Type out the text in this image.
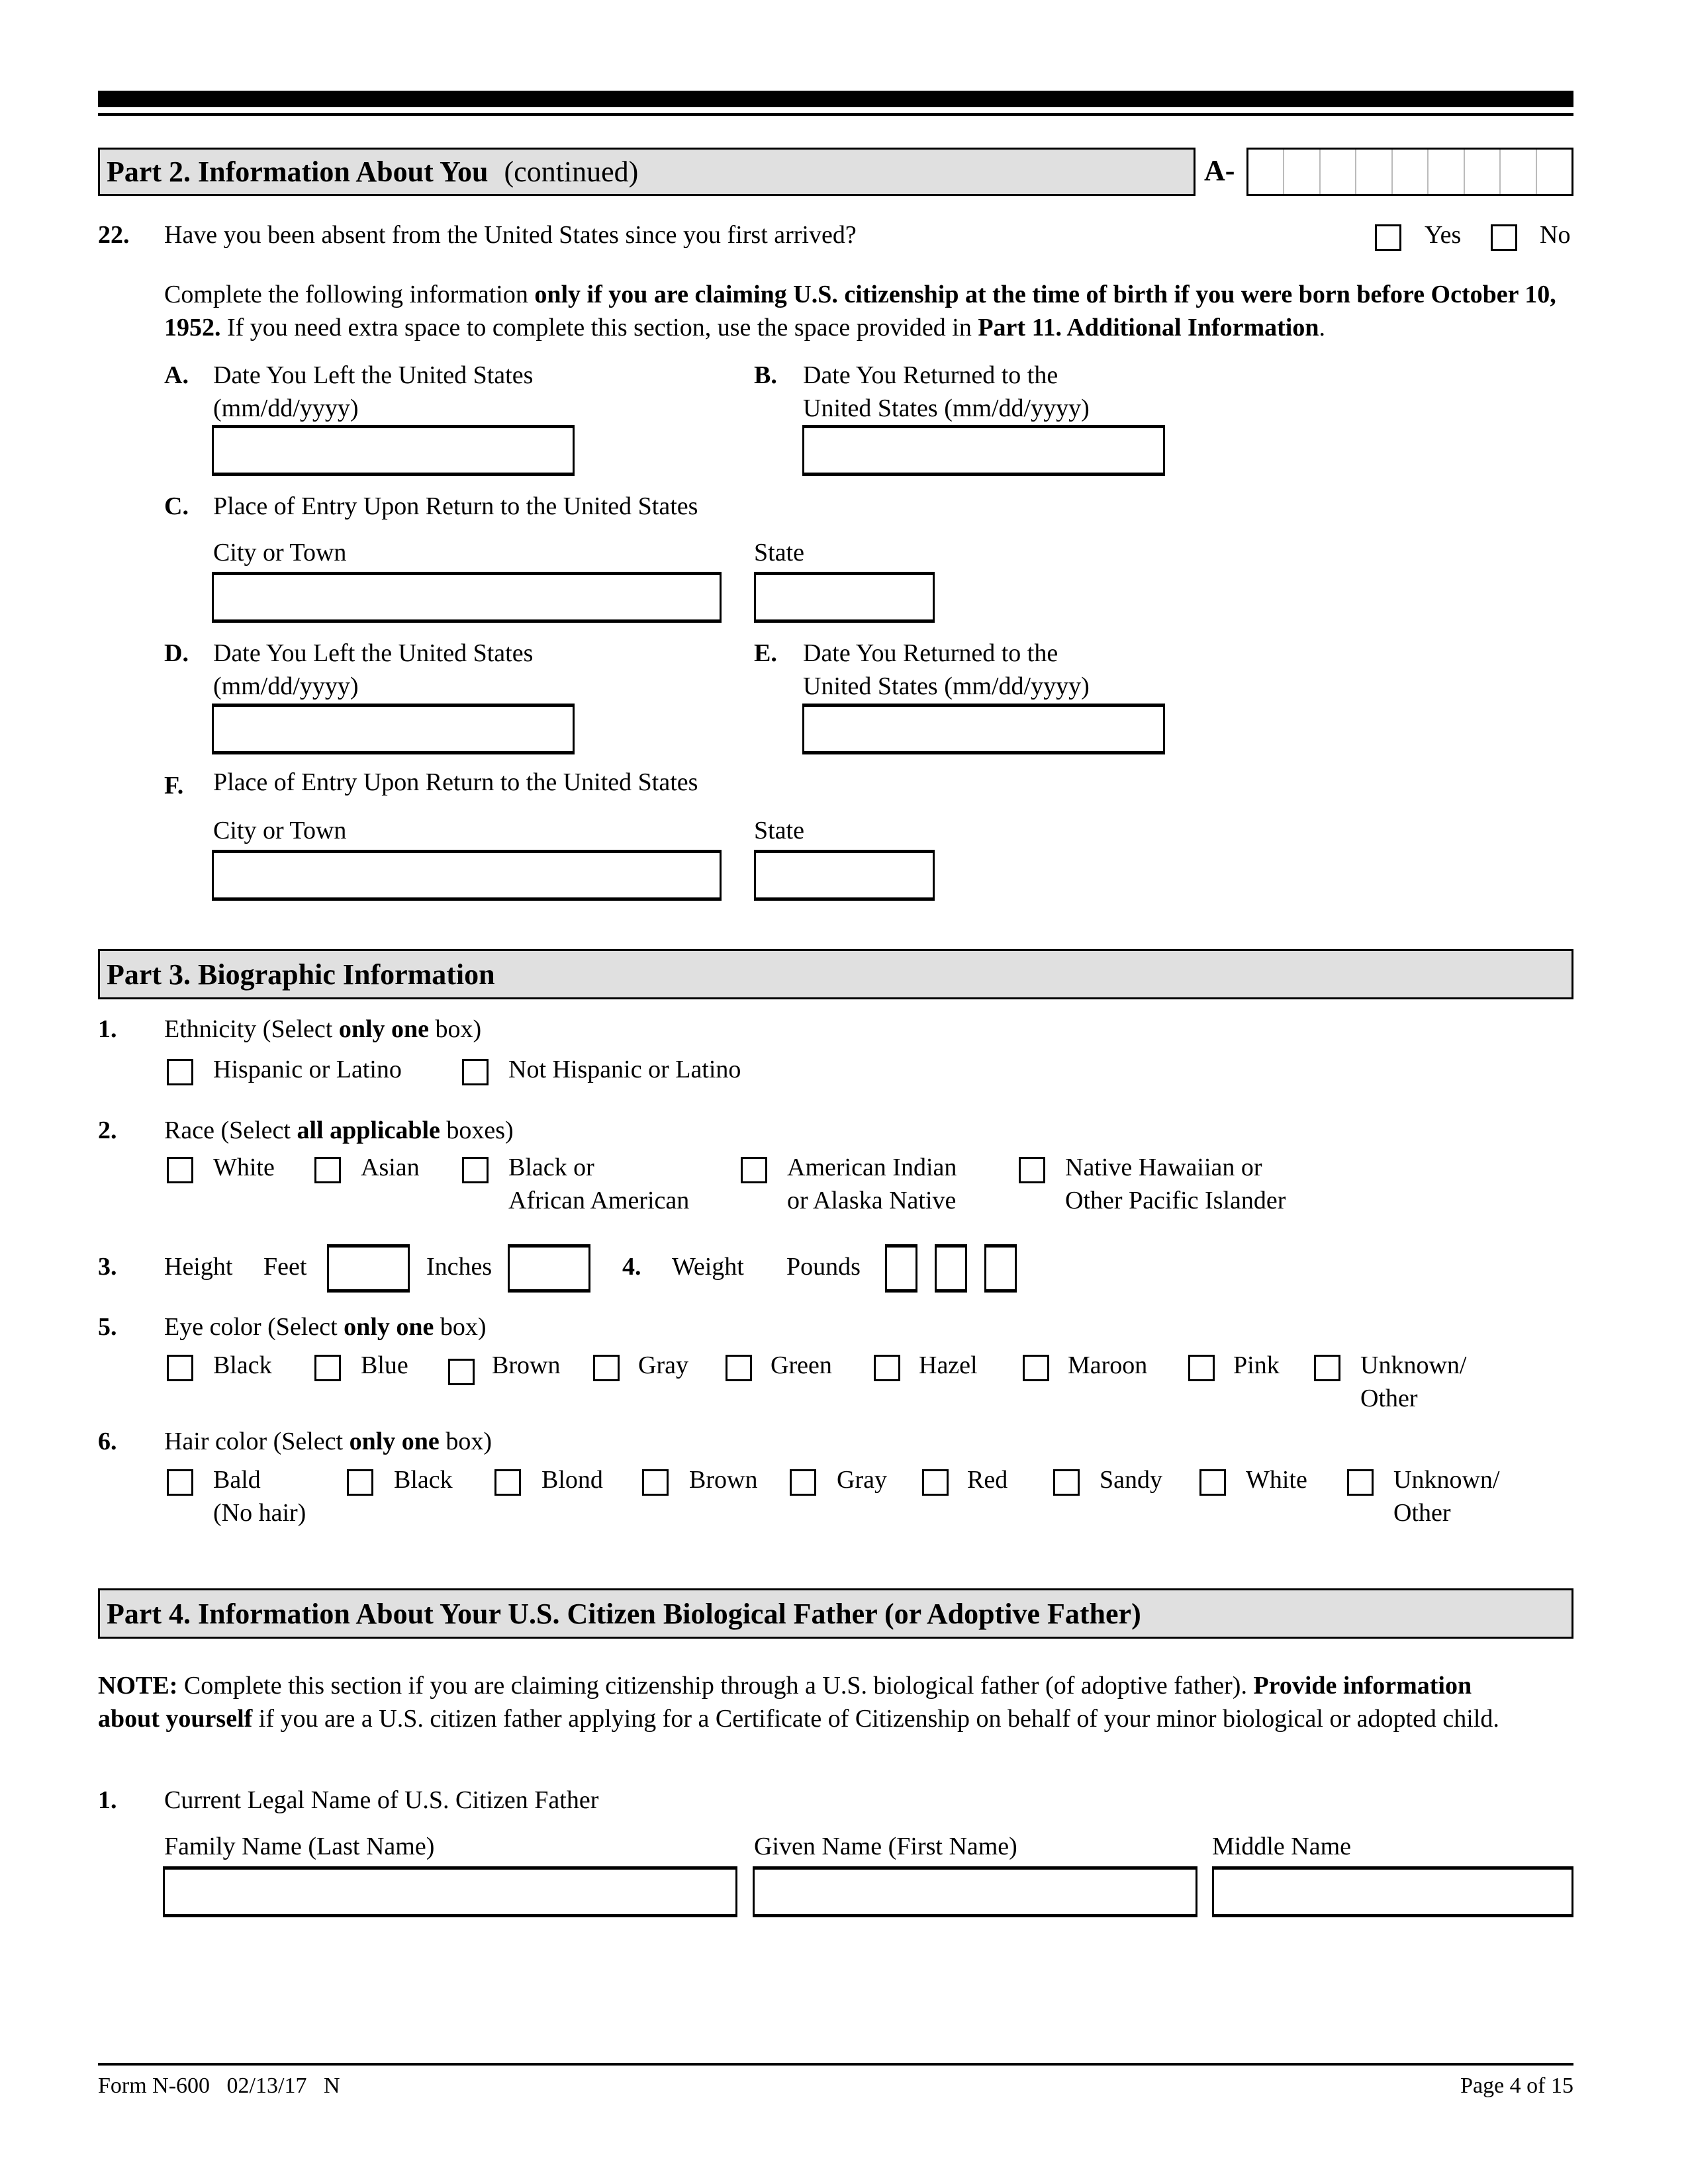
Part 2. Information About You (continued)	A-
22. Have you been absent from the United States since you first arrived?	Yes	No
Complete the following information only if you are claiming U.S. citizenship at the time of birth if you were born before October 10, 1952. If you need extra space to complete this section, use the space provided in Part 11. Additional Information.
A. Date You Left the United States
(mm/dd/yyyy)
B. Date You Returned to the
United States (mm/dd/yyyy)
C. Place of Entry Upon Return to the United States
City or Town	State
D. Date You Left the United States
(mm/dd/yyyy)
E. Date You Returned to the
United States (mm/dd/yyyy)
F. Place of Entry Upon Return to the United States
City or Town	State
Part 3. Biographic Information
1. Ethnicity (Select only one box)
Hispanic or Latino	Not Hispanic or Latino
2. Race (Select all applicable boxes)
White	Asian	Black or
African American
American Indian
or Alaska Native
Native Hawaiian or
Other Pacific Islander
3. Height Feet	Inches	4. Weight Pounds
5. Eye color (Select only one box)
Black	Blue	Brown	Gray	Green	Hazel	Maroon	Pink	Unknown/
Other
6. Hair color (Select only one box)
Bald
(No hair)
Black	Blond	Brown	Gray	Red	Sandy	White	Unknown/
Other
Part 4. Information About Your U.S. Citizen Biological Father (or Adoptive Father)
NOTE: Complete this section if you are claiming citizenship through a U.S. biological father (of adoptive father). Provide information about yourself if you are a U.S. citizen father applying for a Certificate of Citizenship on behalf of your minor biological or adopted child.
1. Current Legal Name of U.S. Citizen Father
Family Name (Last Name)	Given Name (First Name)	Middle Name
Form N-600   02/13/17   N	Page 4 of 15
